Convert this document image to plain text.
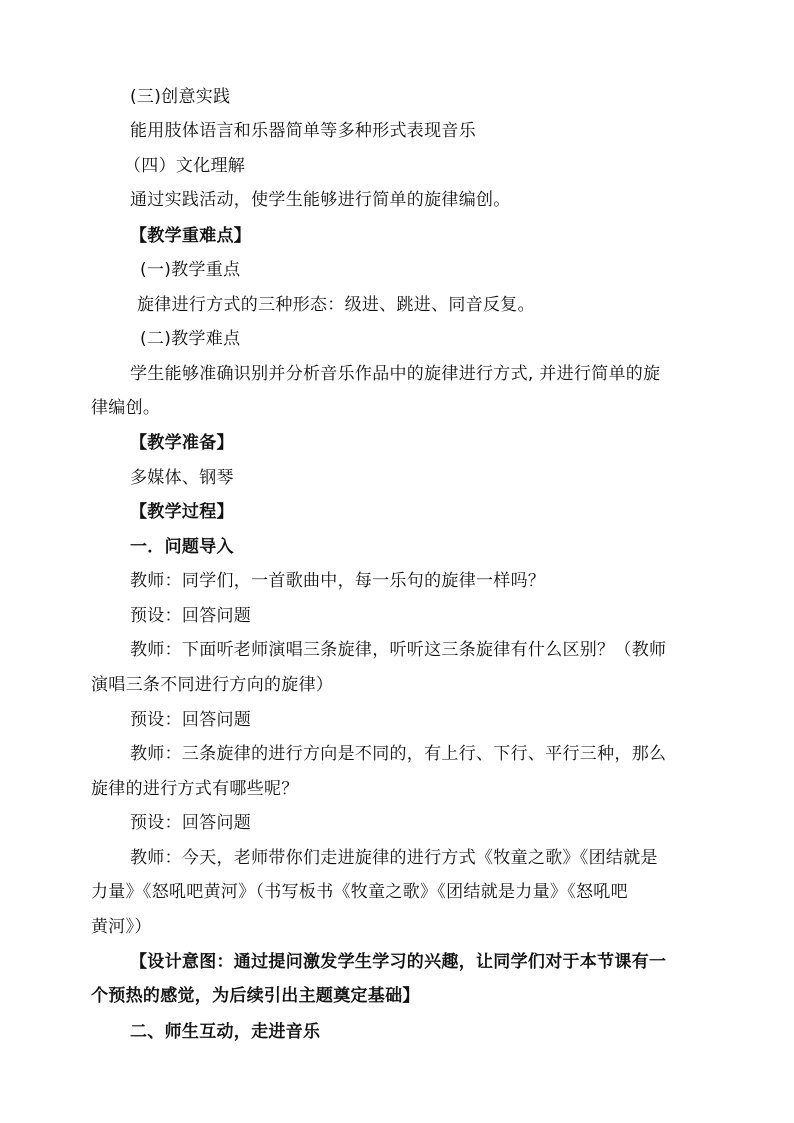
(三)创意实践
能用肢体语言和乐器简单等多种形式表现音乐
（四）文化理解
通过实践活动，使学生能够进行简单的旋律编创。
【教学重难点】
(一)教学重点
旋律进行方式的三种形态：级进、跳进、同音反复。
(二)教学难点
学生能够准确识别并分析音乐作品中的旋律进行方式, 并进行简单的旋
律编创。
【教学准备】
多媒体、钢琴
【教学过程】
一．问题导入
教师：同学们，一首歌曲中，每一乐句的旋律一样吗？
预设：回答问题
教师：下面听老师演唱三条旋律，听听这三条旋律有什么区别？（教师
演唱三条不同进行方向的旋律）
预设：回答问题
教师：三条旋律的进行方向是不同的，有上行、下行、平行三种，那么
旋律的进行方式有哪些呢？
预设：回答问题
教师：今天，老师带你们走进旋律的进行方式《牧童之歌》《团结就是
力量》《怒吼吧黄河》（书写板书《牧童之歌》《团结就是力量》《怒吼吧
黄河》）
【设计意图：通过提问激发学生学习的兴趣，让同学们对于本节课有一
个预热的感觉，为后续引出主题奠定基础】
二、师生互动，走进音乐
